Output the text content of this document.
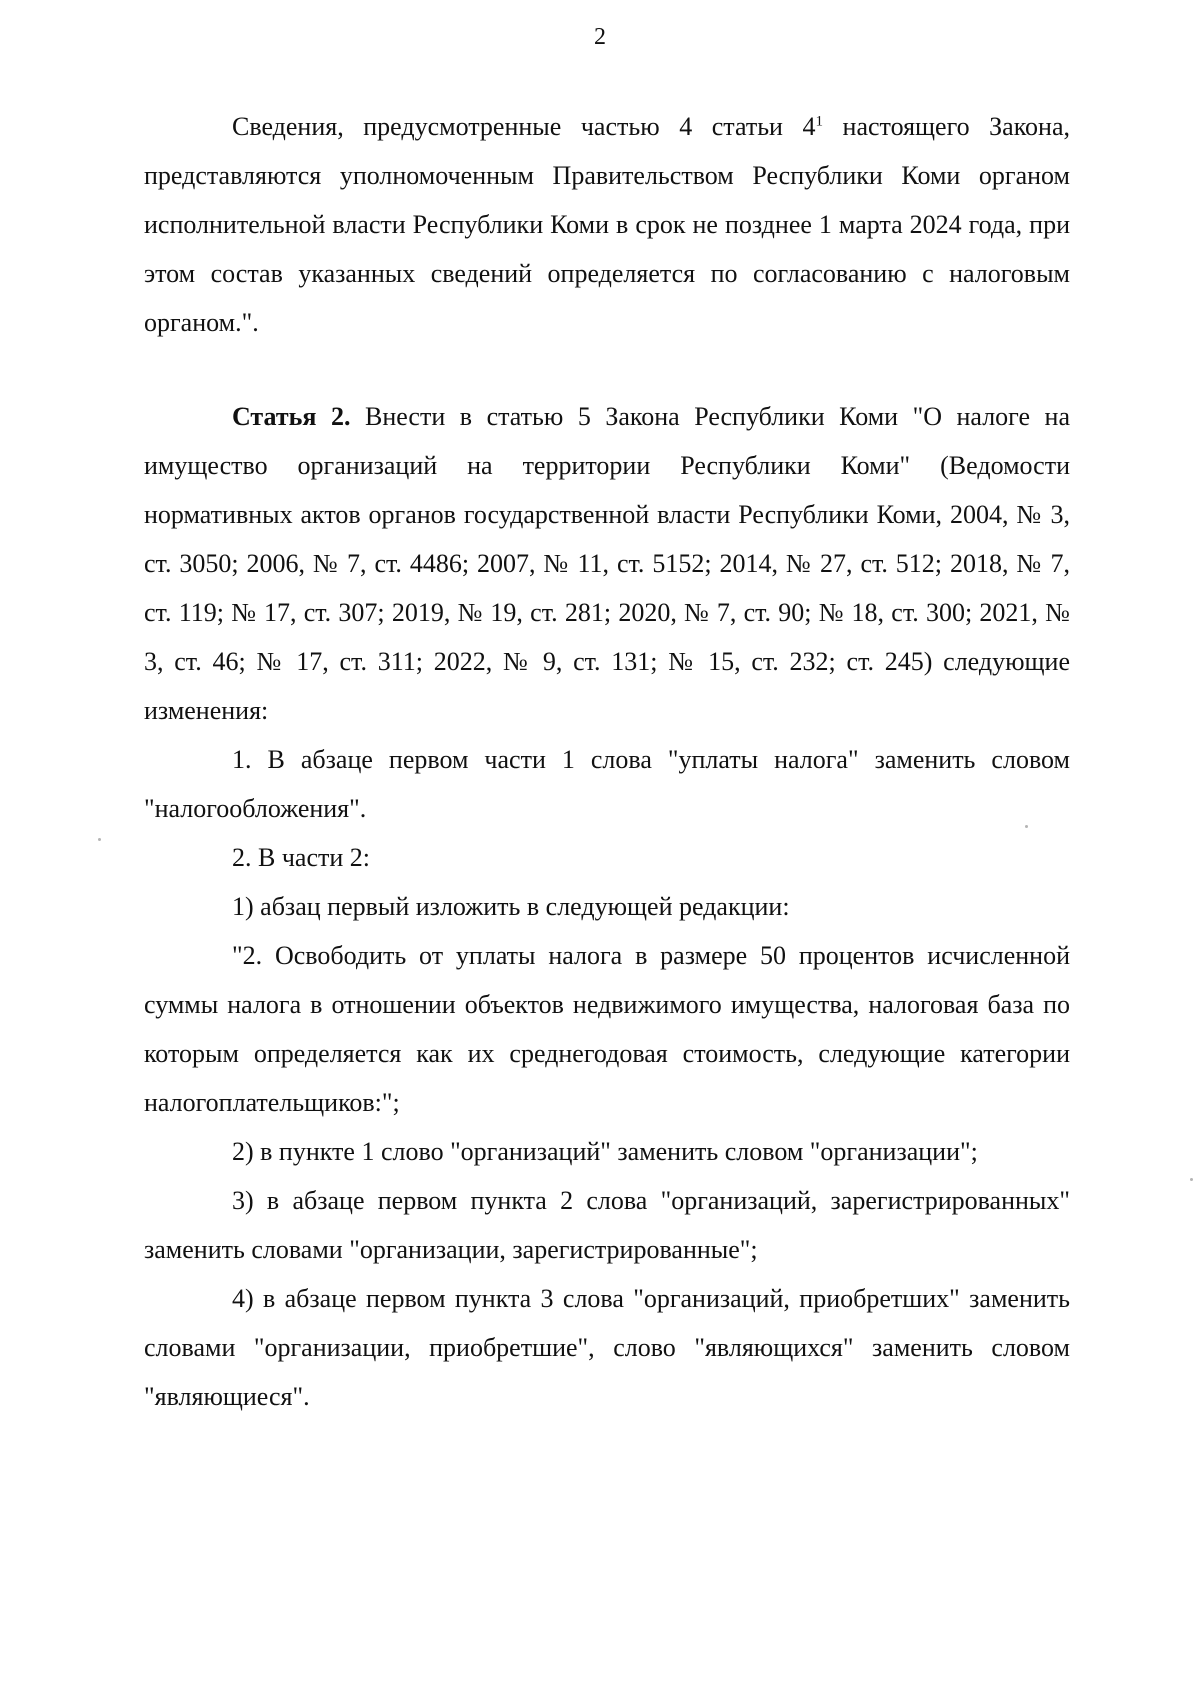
2

Сведения, предусмотренные частью 4 статьи $4^1$ настоящего Закона, представляются уполномоченным Правительством Республики Коми органом исполнительной власти Республики Коми в срок не позднее 1 марта 2024 года, при этом состав указанных сведений определяется по согласованию с налоговым органом.".

Статья 2. Внести в статью 5 Закона Республики Коми "О налоге на имущество организаций на территории Республики Коми" (Ведомости нормативных актов органов государственной власти Республики Коми, 2004, № 3, ст. 3050; 2006, № 7, ст. 4486; 2007, № 11, ст. 5152; 2014, № 27, ст. 512; 2018, № 7, ст. 119; № 17, ст. 307; 2019, № 19, ст. 281; 2020, № 7, ст. 90; № 18, ст. 300; 2021, № 3, ст. 46; № 17, ст. 311; 2022, № 9, ст. 131; № 15, ст. 232; ст. 245) следующие изменения:

1. В абзаце первом части 1 слова "уплаты налога" заменить словом "налогообложения".

2. В части 2:

1) абзац первый изложить в следующей редакции:

"2. Освободить от уплаты налога в размере 50 процентов исчисленной суммы налога в отношении объектов недвижимого имущества, налоговая база по которым определяется как их среднегодовая стоимость, следующие категории налогоплательщиков:";

2) в пункте 1 слово "организаций" заменить словом "организации";

3) в абзаце первом пункта 2 слова "организаций, зарегистрированных" заменить словами "организации, зарегистрированные";

4) в абзаце первом пункта 3 слова "организаций, приобретших" заменить словами "организации, приобретшие", слово "являющихся" заменить словом "являющиеся".
